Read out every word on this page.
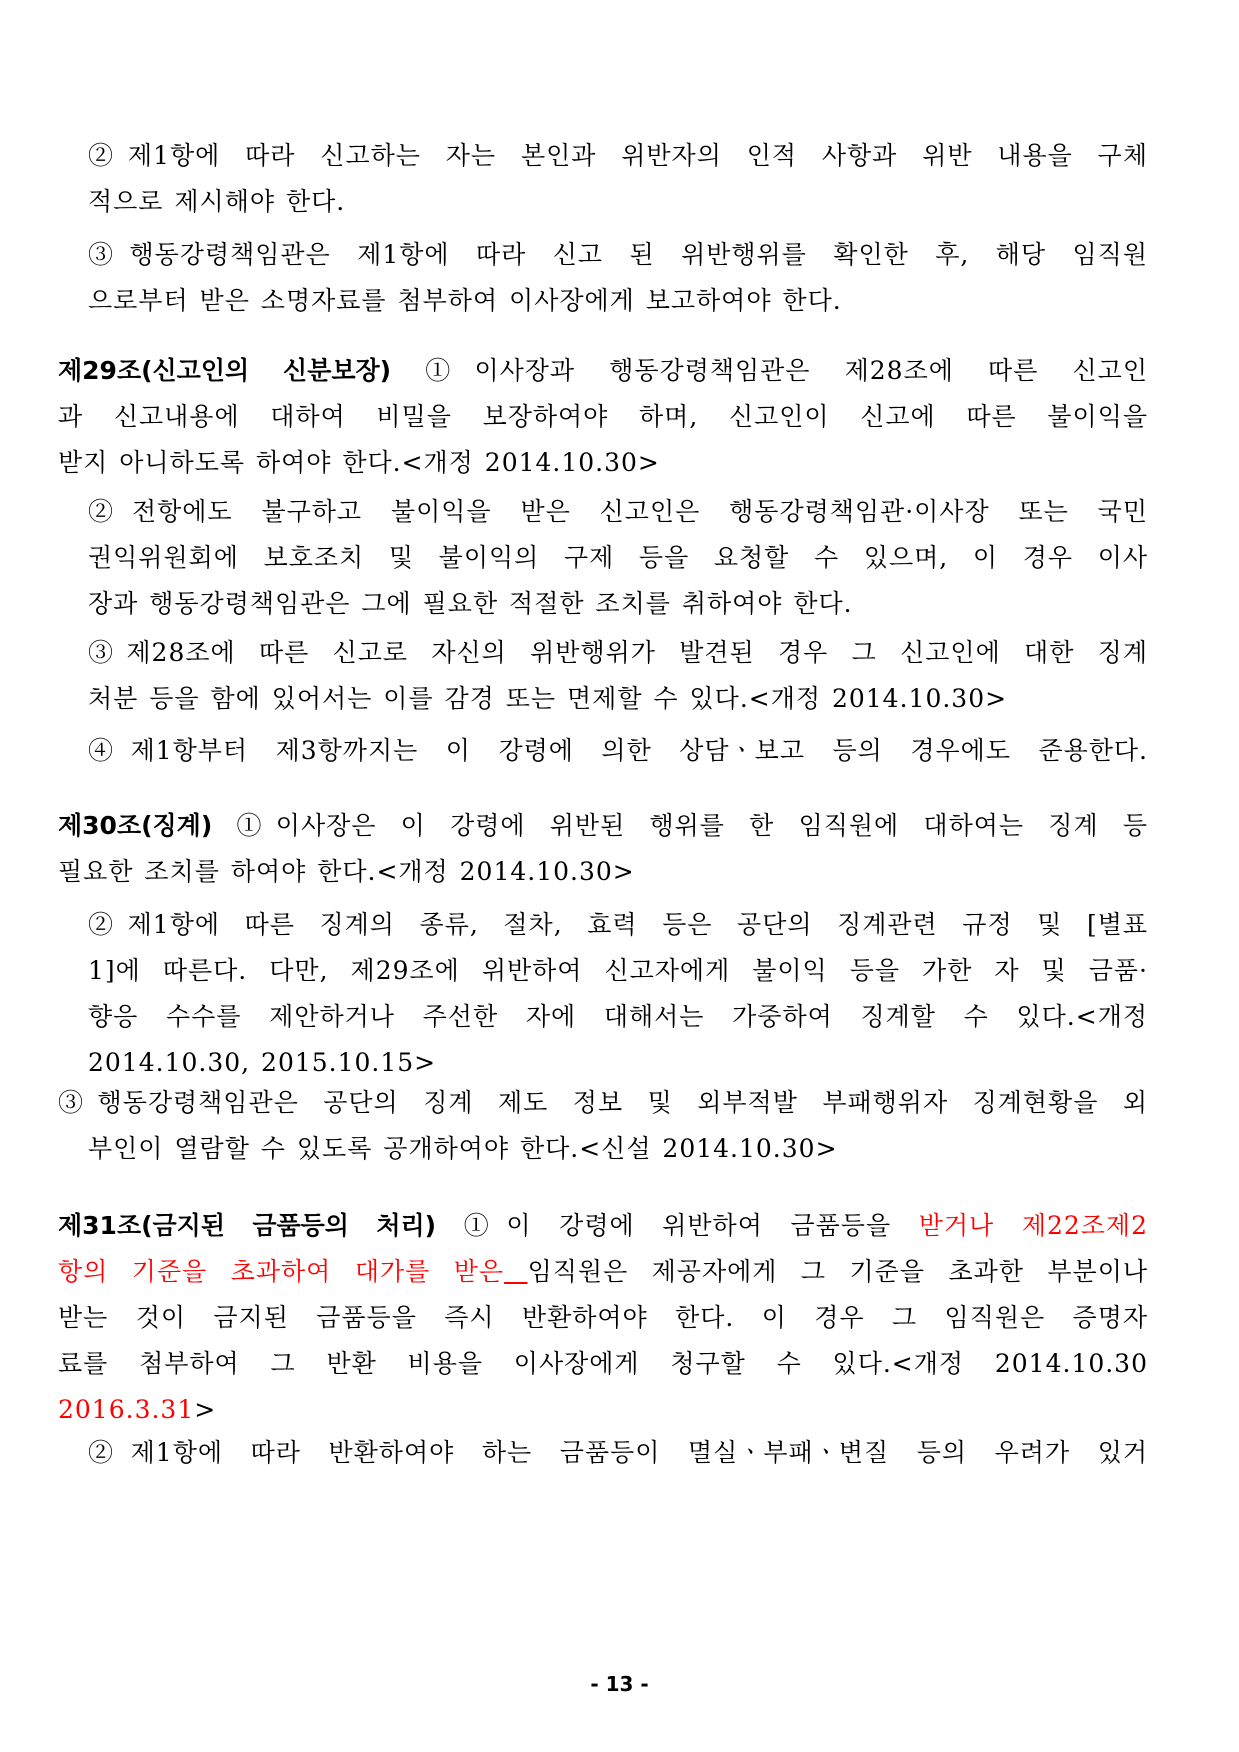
②제1항에 따라 신고하는 자는 본인과 위반자의 인적 사항과 위반 내용을 구체
적으로 제시해야 한다.
③행동강령책임관은 제1항에 따라 신고 된 위반행위를 확인한 후, 해당 임직원
으로부터 받은 소명자료를 첨부하여 이사장에게 보고하여야 한다.
제29조(신고인의 신분보장) ①이사장과 행동강령책임관은 제28조에 따른 신고인
과 신고내용에 대하여 비밀을 보장하여야 하며, 신고인이 신고에 따른 불이익을
받지 아니하도록 하여야 한다.<개정 2014.10.30>
②전항에도 불구하고 불이익을 받은 신고인은 행동강령책임관·이사장 또는 국민
권익위원회에 보호조치 및 불이익의 구제 등을 요청할 수 있으며, 이 경우 이사
장과 행동강령책임관은 그에 필요한 적절한 조치를 취하여야 한다.
③제28조에 따른 신고로 자신의 위반행위가 발견된 경우 그 신고인에 대한 징계
처분 등을 함에 있어서는 이를 감경 또는 면제할 수 있다.<개정 2014.10.30>
④제1항부터 제3항까지는 이 강령에 의한 상담ㆍ보고 등의 경우에도 준용한다.
제30조(징계) ①이사장은 이 강령에 위반된 행위를 한 임직원에 대하여는 징계 등
필요한 조치를 하여야 한다.<개정 2014.10.30>
②제1항에 따른 징계의 종류, 절차, 효력 등은 공단의 징계관련 규정 및 [별표
1]에 따른다. 다만, 제29조에 위반하여 신고자에게 불이익 등을 가한 자 및 금품·
향응 수수를 제안하거나 주선한 자에 대해서는 가중하여 징계할 수 있다.<개정
2014.10.30, 2015.10.15>
③행동강령책임관은 공단의 징계 제도 정보 및 외부적발 부패행위자 징계현황을 외
부인이 열람할 수 있도록 공개하여야 한다.<신설 2014.10.30>
제31조(금지된 금품등의 처리) ①이 강령에 위반하여 금품등을 받거나 제22조제2
항의 기준을 초과하여 대가를 받은 임직원은 제공자에게 그 기준을 초과한 부분이나
받는 것이 금지된 금품등을 즉시 반환하여야 한다. 이 경우 그 임직원은 증명자
료를 첨부하여 그 반환 비용을 이사장에게 청구할 수 있다.<개정 2014.10.30
2016.3.31>
②제1항에 따라 반환하여야 하는 금품등이 멸실ㆍ부패ㆍ변질 등의 우려가 있거
- 13 -
